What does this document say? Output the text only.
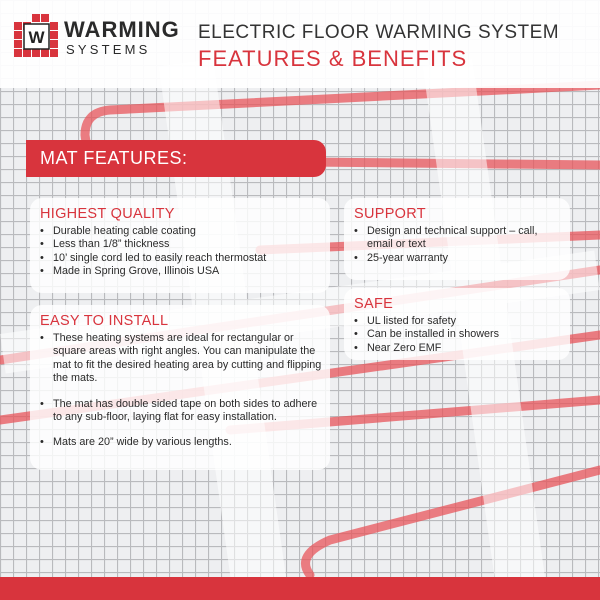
W WARMING
SYSTEMS
ELECTRIC FLOOR WARMING SYSTEM
FEATURES & BENEFITS
MAT FEATURES:
HIGHEST QUALITY
• Durable heating cable coating
• Less than 1/8” thickness
• 10’ single cord led to easily reach thermostat
• Made in Spring Grove, Illinois USA
SUPPORT
• Design and technical support – call, email or text
• 25-year warranty
EASY TO INSTALL
• These heating systems are ideal for rectangular or square areas with right angles. You can manipulate the mat to fit the desired heating area by cutting and flipping the mats.
• The mat has double sided tape on both sides to adhere to any sub-floor, laying flat for easy installation.
• Mats are 20” wide by various lengths.
SAFE
• UL listed for safety
• Can be installed in showers
• Near Zero EMF
